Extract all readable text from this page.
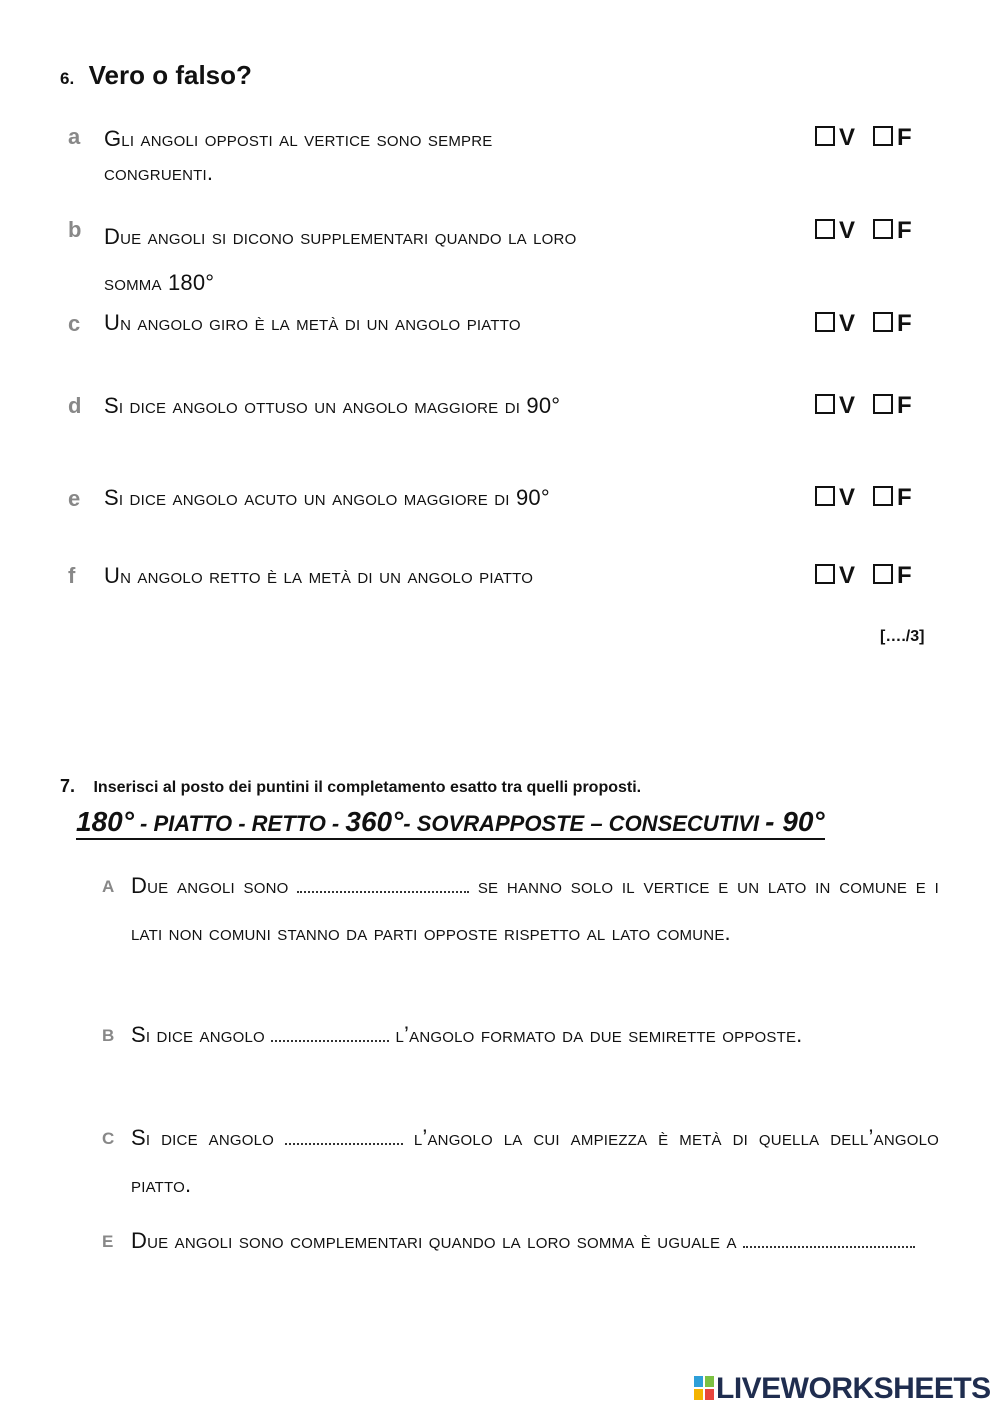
6. Vero o falso?
a Gli angoli opposti al vertice sono sempre
congruenti.
V F
b Due angoli si dicono supplementari quando la loro
somma 180°
V F
c Un angolo giro è la metà di un angolo piatto	V F
d Si dice angolo ottuso un angolo maggiore di 90°	V F
e Si dice angolo acuto un angolo maggiore di 90°	V F
f Un angolo retto è la metà di un angolo piatto	V F
[…./3]
7. Inserisci al posto dei puntini il completamento esatto tra quelli proposti.
180° - PIATTO - RETTO - 360°- SOVRAPPOSTE – CONSECUTIVI - 90°
A Due angoli sono	se hanno solo il vertice e un lato in comune e i lati non comuni stanno da parti opposte rispetto al lato comune.
B Si dice angolo	l’angolo formato da due semirette opposte.
C Si dice angolo	l’angolo la cui ampiezza è metà di quella dell’angolo piatto.
E Due angoli sono complementari quando la loro somma è uguale a
LIVEWORKSHEETS
